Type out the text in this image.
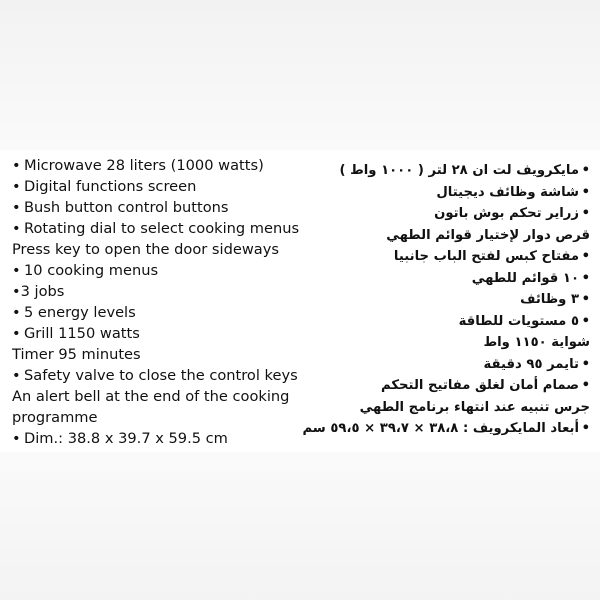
• Microwave 28 liters (1000 watts)
• Digital functions screen
• Bush button control buttons
• Rotating dial to select cooking menus
Press key to open the door sideways
• 10 cooking menus
•3 jobs
• 5 energy levels
• Grill 1150 watts
Timer 95 minutes
• Safety valve to close the control keys
An alert bell at the end of the cooking
programme
• Dim.: 38.8 x 39.7 x 59.5 cm
•مايكرويف لت ان ٢٨ لتر ( ١٠٠٠ واط )
•شاشة وظائف ديجيتال
•زراير تحكم بوش باتون
قرص دوار لإختيار قوائم الطهي
•مفتاح كبس لفتح الباب جانبيا
•١٠ قوائم للطهي
•٣ وظائف
•٥ مستويات للطاقة
شواية ١١٥٠ واط
•تايمر ٩٥ دقيقة
•صمام أمان لغلق مفاتيح التحكم
جرس تنبيه عند انتهاء برنامج الطهي
•أبعاد المايكرويف : ٣٨،٨ × ٣٩،٧ × ٥٩،٥ سم
